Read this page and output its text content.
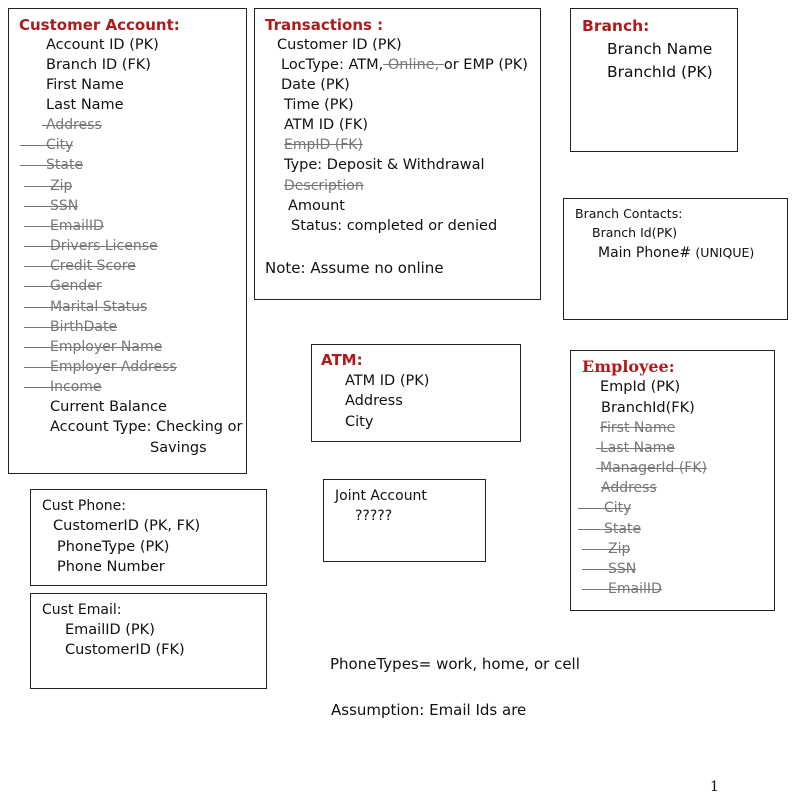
Customer Account:
Account ID (PK)
Branch ID (FK)
First Name
Last Name
Address
City
State
Zip
SSN
EmailID
Drivers License
Credit Score
Gender
Marital Status
BirthDate
Employer Name
Employer Address
Income
Current Balance
Account Type: Checking or
Savings
Transactions :
Customer ID (PK)
LocType: ATM, Online, or EMP (PK)
Date (PK)
Time (PK)
ATM ID (FK)
EmpID (FK)
Type: Deposit & Withdrawal
Description
Amount
Status: completed or denied
Note: Assume no online
Branch:
Branch Name
BranchId (PK)
Branch Contacts:
Branch Id(PK)
Main Phone# (UNIQUE)
ATM:
ATM ID (PK)
Address
City
Employee:
EmpId (PK)
BranchId(FK)
First Name
Last Name
ManagerId (FK)
Address
City
State
Zip
SSN
EmailID
Cust Phone:
CustomerID (PK, FK)
PhoneType (PK)
Phone Number
Joint Account
?????
Cust Email:
EmailID (PK)
CustomerID (FK)
PhoneTypes= work, home, or cell
Assumption: Email Ids are
1
